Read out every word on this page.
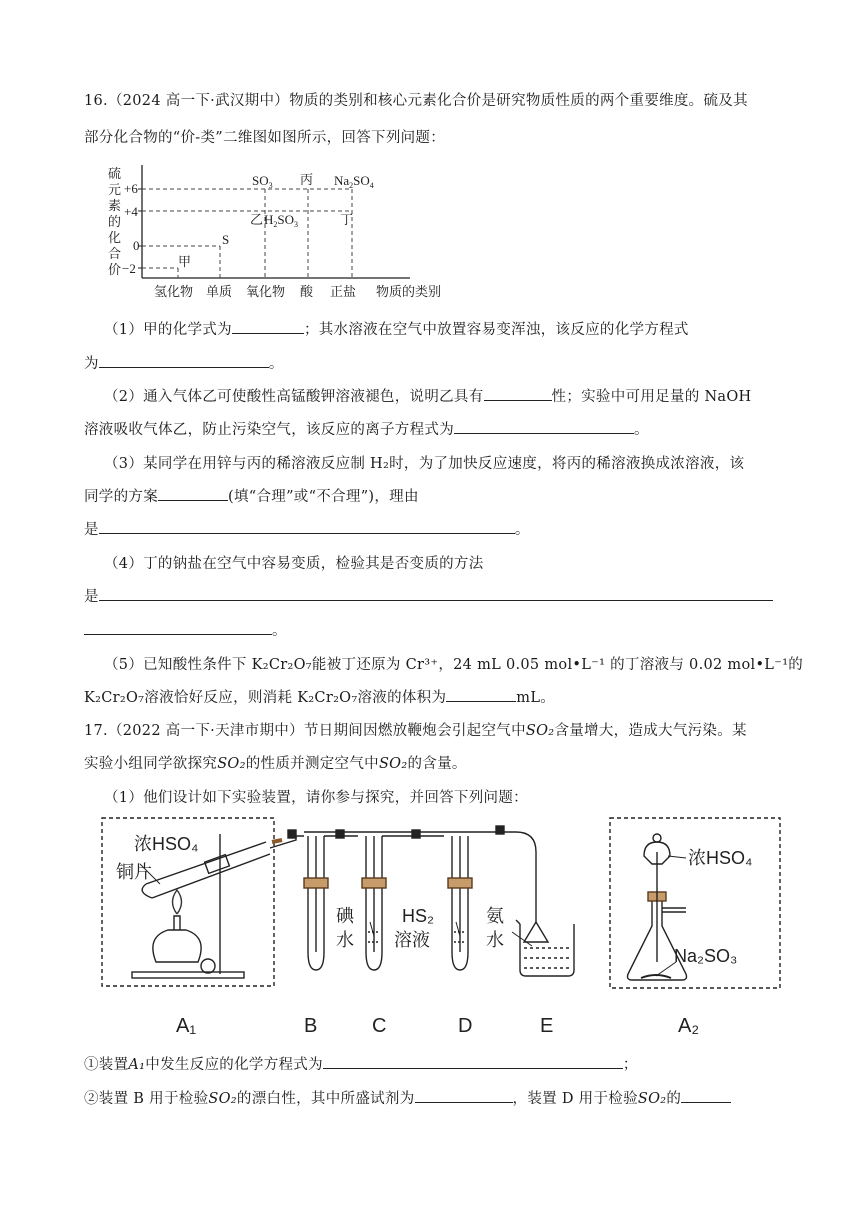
16.（2024 高一下·武汉期中）物质的类别和核心元素化合价是研究物质性质的两个重要维度。硫及其
部分化合物的“价-类”二维图如图所示，回答下列问题：
硫
元
素
的
化
合
价
+6
+4
0
−2	甲
S
$SO_3$ 丙 $Na_2SO_4$
乙 $H_2SO_3$	丁
氢化物 单质 氧化物 酸 正盐 物质的类别
（1）甲的化学式为	；其水溶液在空气中放置容易变浑浊，该反应的化学方程式
为	。
（2）通入气体乙可使酸性高锰酸钾溶液褪色，说明乙具有	性；实验中可用足量的 NaOH
溶液吸收气体乙，防止污染空气，该反应的离子方程式为	。
（3）某同学在用锌与丙的稀溶液反应制 H₂时，为了加快反应速度，将丙的稀溶液换成浓溶液，该
同学的方案	(填“合理”或“不合理”)，理由
是	。
（4）丁的钠盐在空气中容易变质，检验其是否变质的方法
是
。
（5）已知酸性条件下 K₂Cr₂O₇能被丁还原为 Cr³⁺，24 mL 0.05 mol•L⁻¹ 的丁溶液与 0.02 mol•L⁻¹的
K₂Cr₂O₇溶液恰好反应，则消耗 K₂Cr₂O₇溶液的体积为	mL。
17.（2022 高一下·天津市期中）节日期间因燃放鞭炮会引起空气中SO₂含量增大，造成大气污染。某
实验小组同学欲探究SO₂的性质并测定空气中SO₂的含量。
（1）他们设计如下实验装置，请你参与探究，并回答下列问题：
浓HSO₄
铜片
碘
水
HS₂
溶液
氨
水
浓HSO₄
Na₂SO₃
A₁	B	C	D	E	A₂
①装置A₁中发生反应的化学方程式为	；
②装置 B 用于检验SO₂的漂白性，其中所盛试剂为	，装置 D 用于检验SO₂的
